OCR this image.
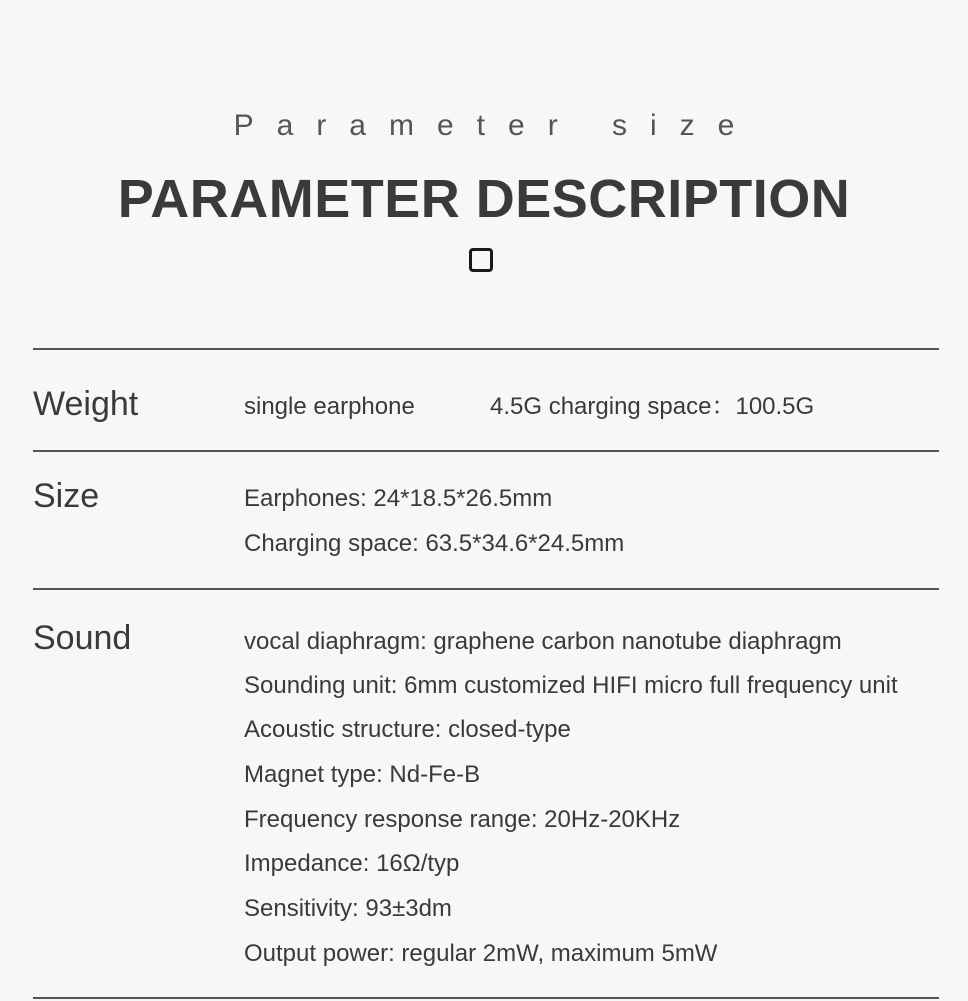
Parameter size
PARAMETER DESCRIPTION
Weight	single earphone	4.5G charging space：100.5G
Size	Earphones: 24*18.5*26.5mm
Charging space: 63.5*34.6*24.5mm
Sound	vocal diaphragm: graphene carbon nanotube diaphragm
Sounding unit: 6mm customized HIFI micro full frequency unit
Acoustic structure: closed-type
Magnet type: Nd-Fe-B
Frequency response range: 20Hz-20KHz
Impedance: 16Ω/typ
Sensitivity: 93±3dm
Output power: regular 2mW, maximum 5mW
